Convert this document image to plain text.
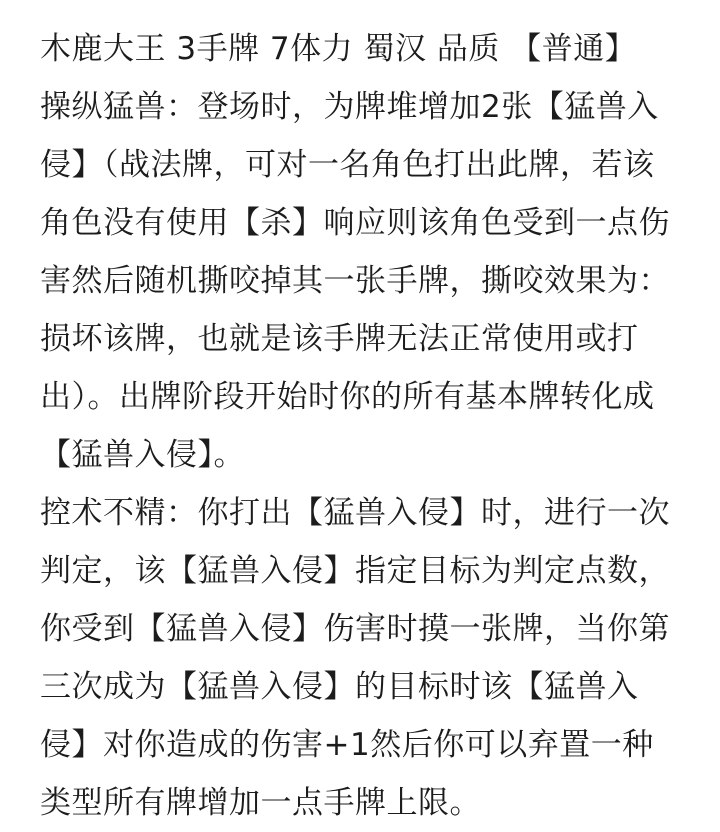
木鹿大王 3手牌 7体力 蜀汉 品质 【普通】
操纵猛兽：登场时，为牌堆增加2张【猛兽入
侵】（战法牌，可对一名角色打出此牌，若该
角色没有使用【杀】响应则该角色受到一点伤
害然后随机撕咬掉其一张手牌，撕咬效果为：
损坏该牌，也就是该手牌无法正常使用或打
出）。出牌阶段开始时你的所有基本牌转化成
【猛兽入侵】。
控术不精：你打出【猛兽入侵】时，进行一次
判定，该【猛兽入侵】指定目标为判定点数，
你受到【猛兽入侵】伤害时摸一张牌，当你第
三次成为【猛兽入侵】的目标时该【猛兽入
侵】对你造成的伤害+1然后你可以弃置一种
类型所有牌增加一点手牌上限。
